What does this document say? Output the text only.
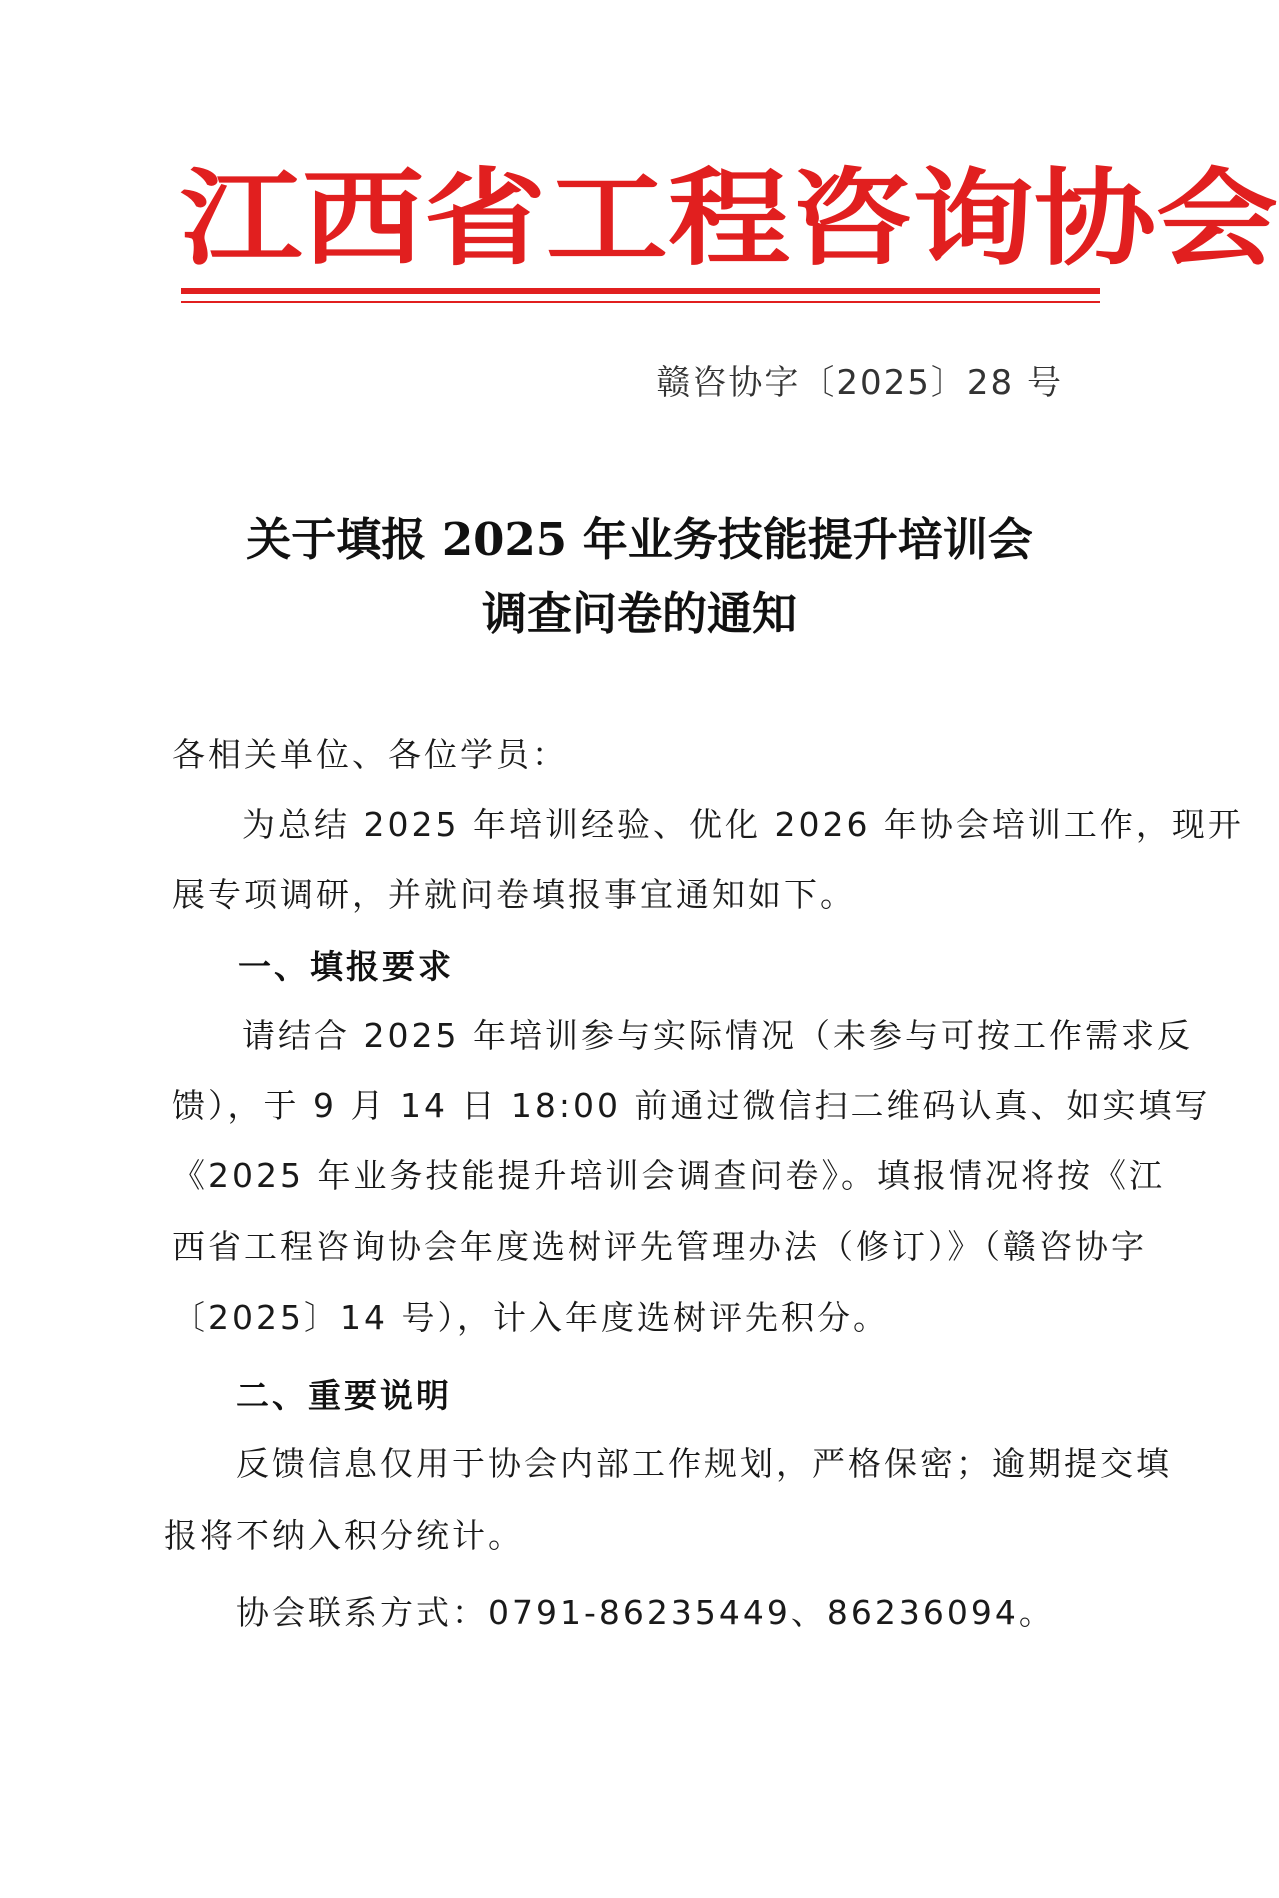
江 西 省 工 程 咨 询 协 会
赣咨协字〔2025〕28 号
关于填报 2025 年业务技能提升培训会
调查问卷的通知
各相关单位、各位学员：
为总结 2025 年培训经验、优化 2026 年协会培训工作，现开
展专项调研，并就问卷填报事宜通知如下。
一、填报要求
请结合 2025 年培训参与实际情况（未参与可按工作需求反
馈），于 9 月 14 日 18:00 前通过微信扫二维码认真、如实填写
《2025 年业务技能提升培训会调查问卷》。填报情况将按《江
西省工程咨询协会年度选树评先管理办法（修订）》（赣咨协字
〔2025〕14 号），计入年度选树评先积分。
二、重要说明
反馈信息仅用于协会内部工作规划，严格保密；逾期提交填
报将不纳入积分统计。
协会联系方式：0791-86235449、86236094。
